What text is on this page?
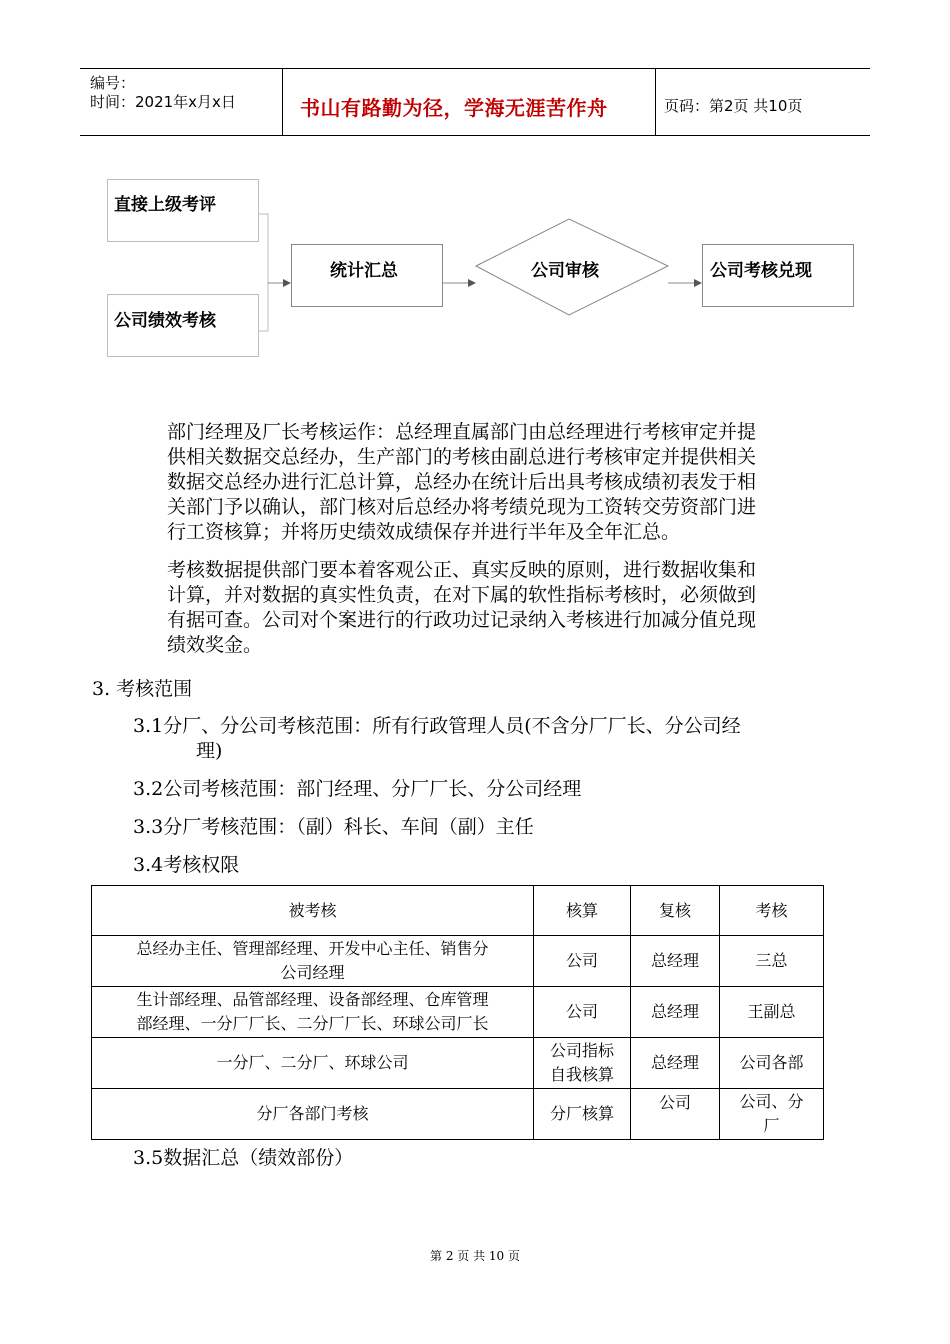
编号：
时间：2021年x月x日	书山有路勤为径，学海无涯苦作舟	页码：第2页 共10页
直接上级考评
公司绩效考核
统计汇总	公司考核兑现
公司审核
部门经理及厂长考核运作：总经理直属部门由总经理进行考核审定并提
供相关数据交总经办，生产部门的考核由副总进行考核审定并提供相关
数据交总经办进行汇总计算，总经办在统计后出具考核成绩初表发于相
关部门予以确认，部门核对后总经办将考绩兑现为工资转交劳资部门进
行工资核算；并将历史绩效成绩保存并进行半年及全年汇总。
考核数据提供部门要本着客观公正、真实反映的原则，进行数据收集和
计算，并对数据的真实性负责，在对下属的软性指标考核时，必须做到
有据可查。公司对个案进行的行政功过记录纳入考核进行加减分值兑现
绩效奖金。
3. 考核范围
3.1分厂、分公司考核范围：所有行政管理人员(不含分厂厂长、分公司经
理)
3.2公司考核范围：部门经理、分厂厂长、分公司经理
3.3分厂考核范围：（副）科长、车间（副）主任
3.4考核权限
被考核	核算	复核	考核

总经办主任、管理部经理、开发中心主任、销售分
公司经理	公司	总经理	三总

生计部经理、品管部经理、设备部经理、仓库管理
部经理、一分厂厂长、二分厂厂长、环球公司厂长	公司	总经理	王副总

一分厂、二分厂、环球公司	公司指标
自我核算	总经理	公司各部

分厂各部门考核	分厂核算	公司	公司、分
厂
3.5数据汇总（绩效部份）
第 2 页 共 10 页
